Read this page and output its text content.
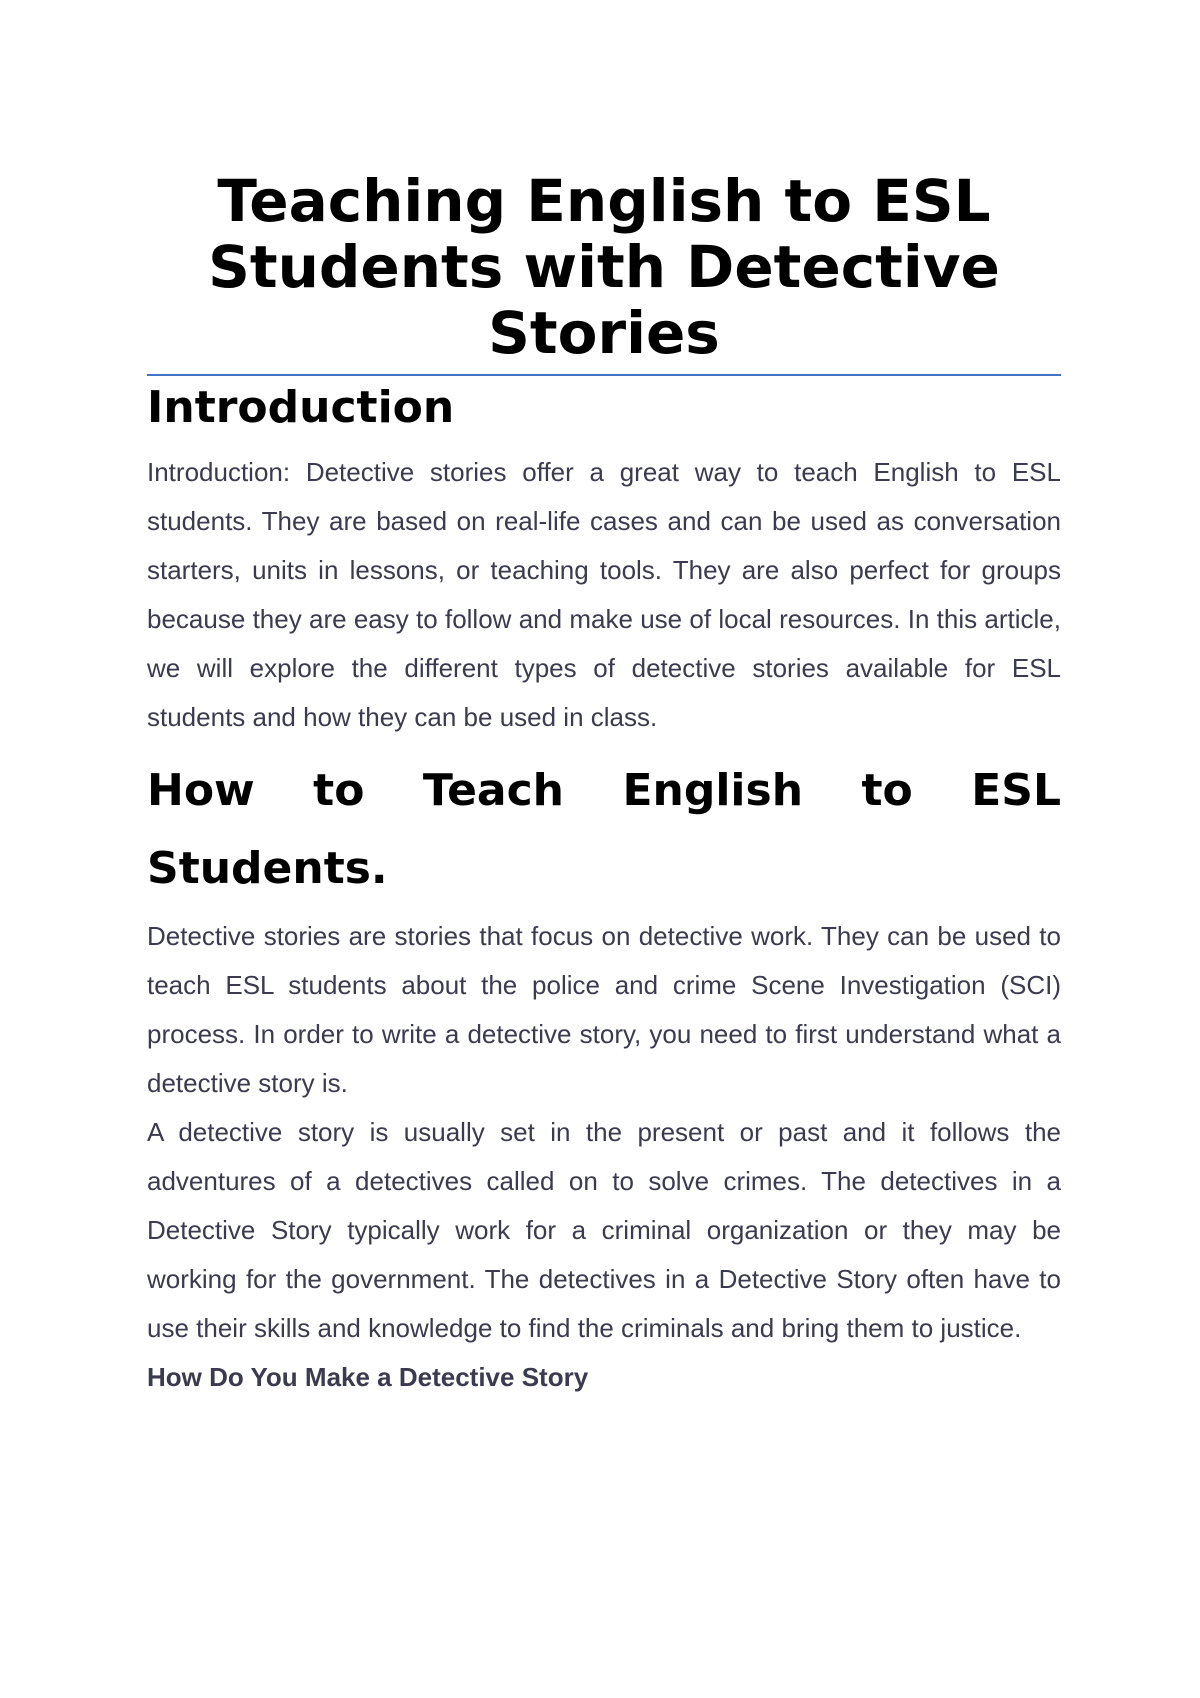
Teaching English to ESL Students with Detective Stories
Introduction

Introduction: Detective stories offer a great way to teach English to ESL students. They are based on real-life cases and can be used as conversation starters, units in lessons, or teaching tools. They are also perfect for groups because they are easy to follow and make use of local resources. In this article, we will explore the different types of detective stories available for ESL students and how they can be used in class.

How to Teach English to ESL Students.

Detective stories are stories that focus on detective work. They can be used to teach ESL students about the police and crime Scene Investigation (SCI) process. In order to write a detective story, you need to first understand what a detective story is.

A detective story is usually set in the present or past and it follows the adventures of a detectives called on to solve crimes. The detectives in a Detective Story typically work for a criminal organization or they may be working for the government. The detectives in a Detective Story often have to use their skills and knowledge to find the criminals and bring them to justice.

How Do You Make a Detective Story
